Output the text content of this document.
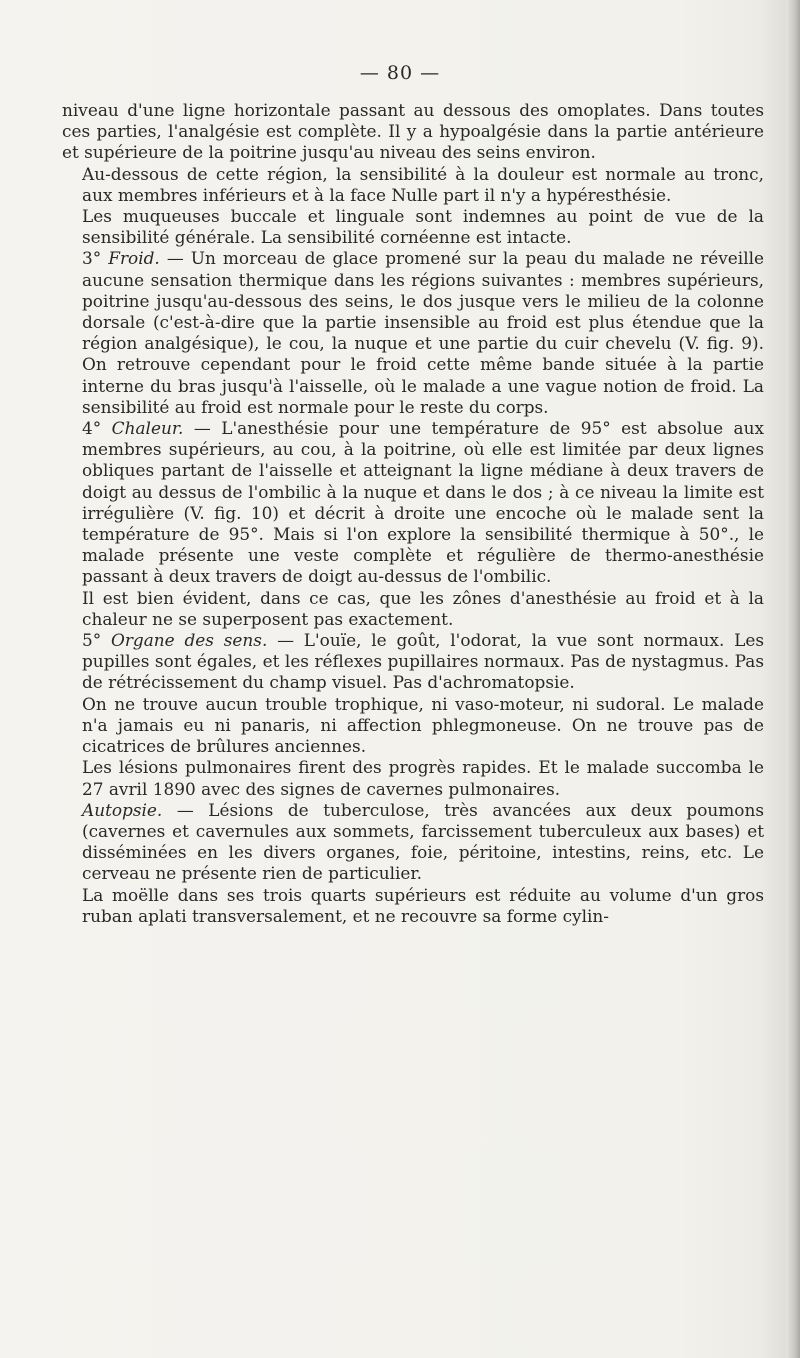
— 80 —

niveau d'une ligne horizontale passant au dessous des omoplates. Dans toutes ces parties, l'analgésie est complète. Il y a hypoalgésie dans la partie antérieure et supérieure de la poitrine jusqu'au niveau des seins environ.

Au-dessous de cette région, la sensibilité à la douleur est normale au tronc, aux membres inférieurs et à la face Nulle part il n'y a hypéresthésie.

Les muqueuses buccale et linguale sont indemnes au point de vue de la sensibilité générale. La sensibilité cornéenne est intacte.

3° Froid. — Un morceau de glace promené sur la peau du malade ne réveille aucune sensation thermique dans les régions suivantes : membres supérieurs, poitrine jusqu'au-dessous des seins, le dos jusque vers le milieu de la colonne dorsale (c'est-à-dire que la partie insensible au froid est plus étendue que la région analgésique), le cou, la nuque et une partie du cuir chevelu (V. fig. 9). On retrouve cependant pour le froid cette même bande située à la partie interne du bras jusqu'à l'aisselle, où le malade a une vague notion de froid. La sensibilité au froid est normale pour le reste du corps.

4° Chaleur. — L'anesthésie pour une température de 95° est absolue aux membres supérieurs, au cou, à la poitrine, où elle est limitée par deux lignes obliques partant de l'aisselle et atteignant la ligne médiane à deux travers de doigt au dessus de l'ombilic à la nuque et dans le dos ; à ce niveau la limite est irrégulière (V. fig. 10) et décrit à droite une encoche où le malade sent la température de 95°. Mais si l'on explore la sensibilité thermique à 50°., le malade présente une veste complète et régulière de thermo-anesthésie passant à deux travers de doigt au-dessus de l'ombilic.

Il est bien évident, dans ce cas, que les zônes d'anesthésie au froid et à la chaleur ne se superposent pas exactement.

5° Organe des sens. — L'ouïe, le goût, l'odorat, la vue sont normaux. Les pupilles sont égales, et les réflexes pupillaires normaux. Pas de nystagmus. Pas de rétrécissement du champ visuel. Pas d'achromatopsie.

On ne trouve aucun trouble trophique, ni vaso-moteur, ni sudoral. Le malade n'a jamais eu ni panaris, ni affection phlegmoneuse. On ne trouve pas de cicatrices de brûlures anciennes.

Les lésions pulmonaires firent des progrès rapides. Et le malade succomba le 27 avril 1890 avec des signes de cavernes pulmonaires.

Autopsie. — Lésions de tuberculose, très avancées aux deux poumons (cavernes et cavernules aux sommets, farcissement tuberculeux aux bases) et disséminées en les divers organes, foie, péritoine, intestins, reins, etc. Le cerveau ne présente rien de particulier.

La moëlle dans ses trois quarts supérieurs est réduite au volume d'un gros ruban aplati transversalement, et ne recouvre sa forme cylin-
